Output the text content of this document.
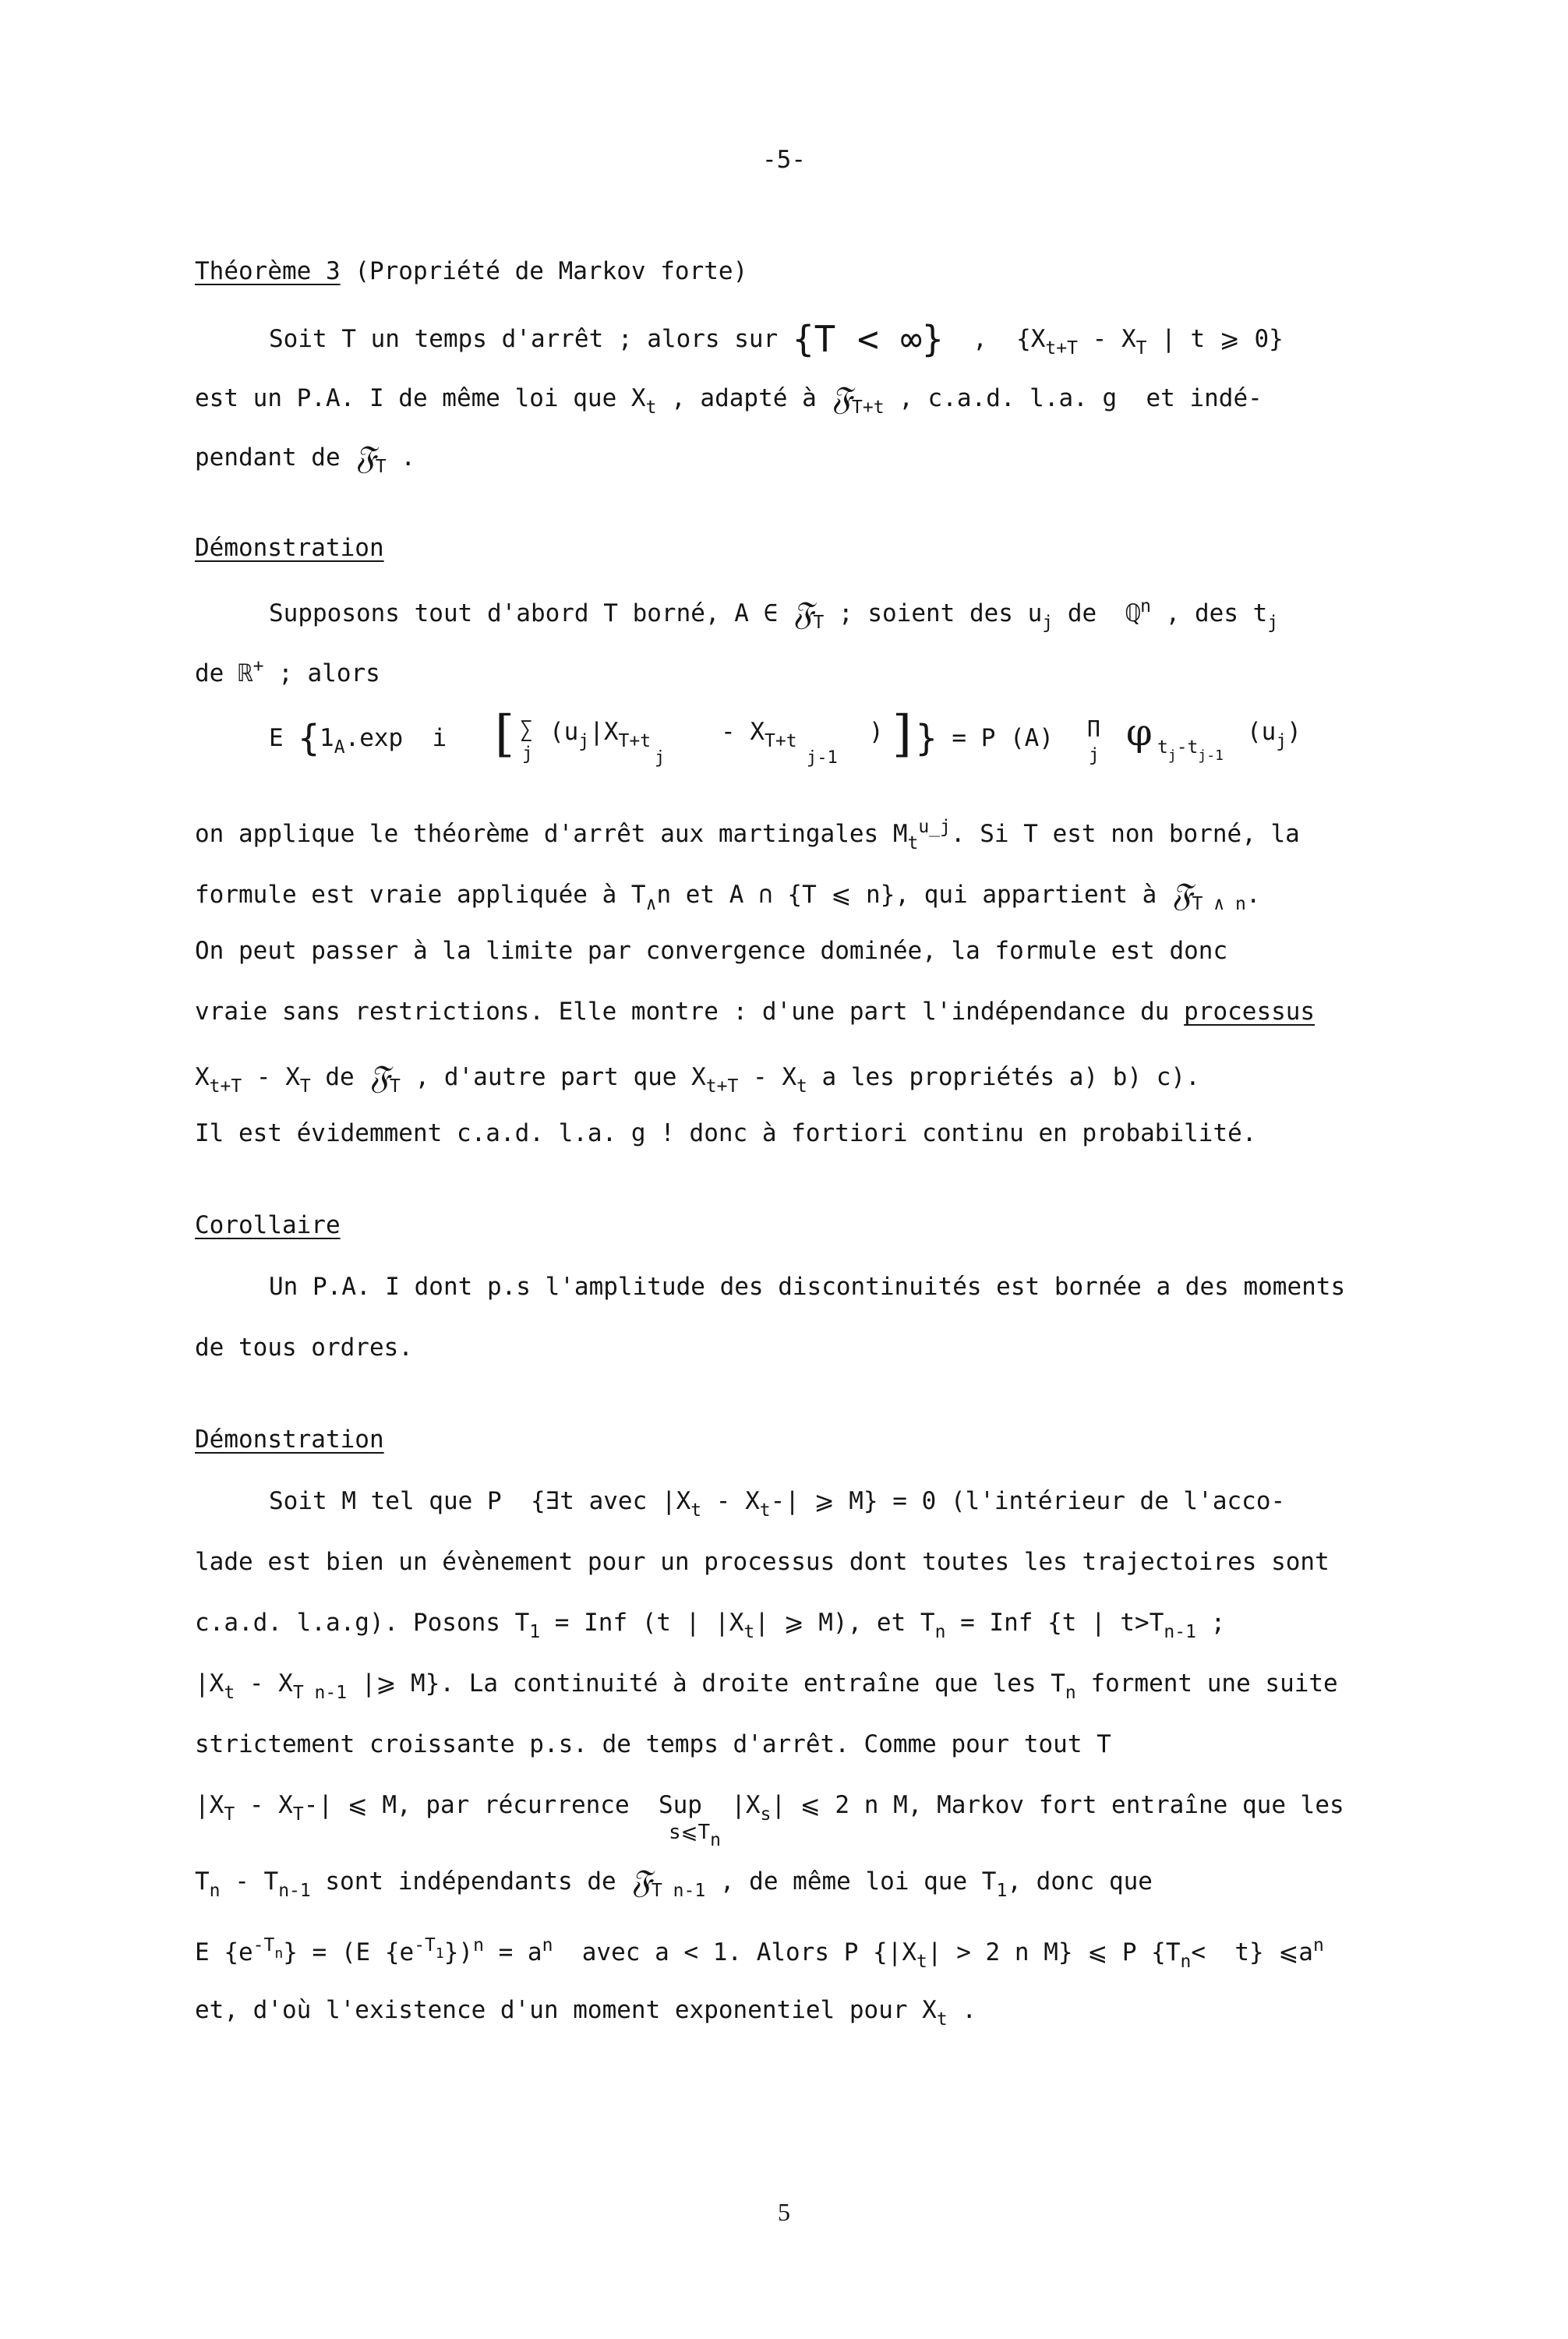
-5-
Théorème 3 (Propriété de Markov forte)
Soit T un temps d'arrêt ; alors sur {T < ∞}  ,  {$X_{t+T} - X_T$ | t ⩾ 0}
est un P.A. I de même loi que $X_t$ , adapté à 𝔉$_{T+t}$ , c.a.d. l.a. g  et indé-
pendant de 𝔉$_T$ .
Démonstration
Supposons tout d'abord T borné, A ∈ 𝔉$_T$ ; soient des $u_j$ de  ℚ$^n$ , des $t_j$
de ℝ+ ; alors

E {$1_A.\exp$  i

[

∑

j

($u_j|X_{T+t}$

j

- $X_{T+t}$

j-1

)

]

} = P (A)

Π

j

φ

$t_j-t_{j-1}$

$(u_j)$

on applique le théorème d'arrêt aux martingales $M_t^{u\_j}$. Si T est non borné, la
formule est vraie appliquée à $T_\wedge n$ et A ∩ {T ⩽ n}, qui appartient à 𝔉$_{T \wedge n}$.
On peut passer à la limite par convergence dominée, la formule est donc
vraie sans restrictions. Elle montre : d'une part l'indépendance du processus
$X_{t+T} - X_T$ de 𝔉$_T$ , d'autre part que $X_{t+T} - X_t$ a les propriétés a) b) c).
Il est évidemment c.a.d. l.a. g ! donc à fortiori continu en probabilité.
Corollaire
Un P.A. I dont p.s l'amplitude des discontinuités est bornée a des moments
de tous ordres.
Démonstration
Soit M tel que P  {∃t avec $|X_t - X_t-|$ ⩾ M} = 0 (l'intérieur de l'acco-
lade est bien un évènement pour un processus dont toutes les trajectoires sont
c.a.d. l.a.g). Posons $T_1$ = Inf (t | $|X_t|$ ⩾ M), et $T_n$ = Inf {t | $t>T_{n-1}$ ;
$|X_t - X_{T n-1}$ |⩾ M}. La continuité à droite entraîne que les $T_n$ forment une suite
strictement croissante p.s. de temps d'arrêt. Comme pour tout T
$|X_T - X_T-|$ ⩽ M, par récurrence  Sup  $|X_s|$ ⩽ 2 n M, Markov fort entraîne que les
$s⩽T_n$
$T_n - T_{n-1}$ sont indépendants de 𝔉$_{T n-1}$ , de même loi que $T_1$, donc que
E $\{e^{-T_n}\} = (E$ $\{e^{-T_1}\})^n = a^n$  avec a < 1. Alors P {$|X_t| > 2$ n M} ⩽ P $\{T_n< t\}$ $⩽a^n$
et, d'où l'existence d'un moment exponentiel pour $X_t$ .
5
